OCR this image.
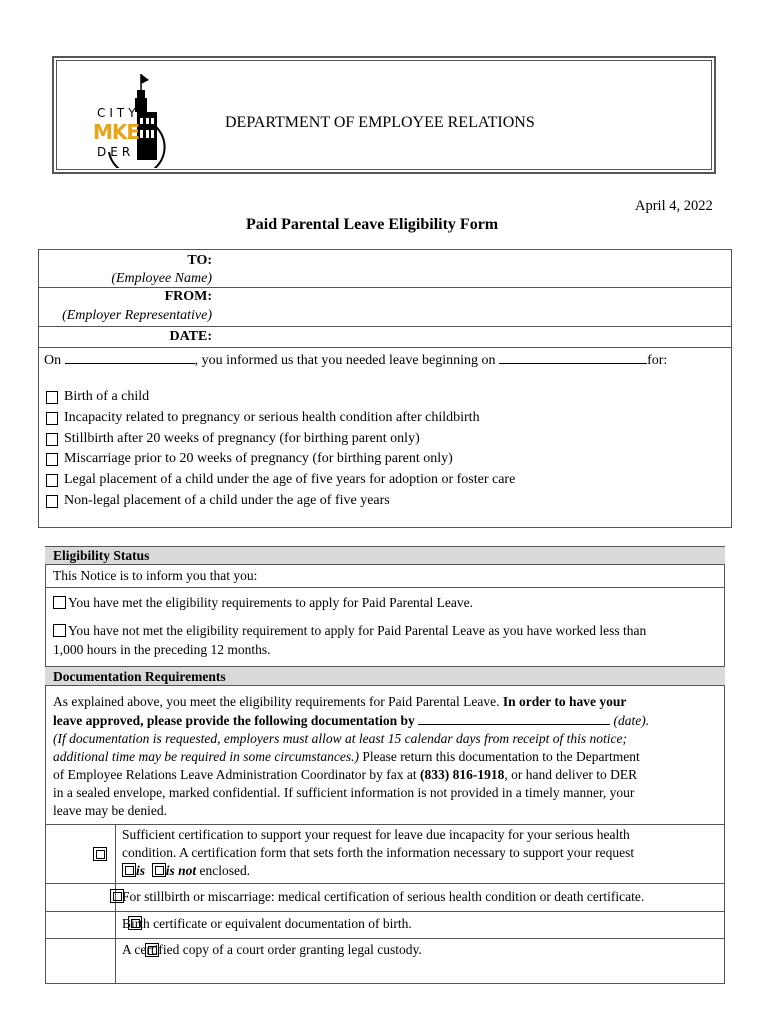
CITY
MKE
DER
DEPARTMENT OF EMPLOYEE RELATIONS
April 4, 2022
Paid Parental Leave Eligibility Form
TO:
(Employee Name)
FROM:
(Employer Representative)
DATE:
On	, you informed us that you needed leave beginning on	for:
Birth of a child
Incapacity related to pregnancy or serious health condition after childbirth
Stillbirth after 20 weeks of pregnancy (for birthing parent only)
Miscarriage prior to 20 weeks of pregnancy (for birthing parent only)
Legal placement of a child under the age of five years for adoption or foster care
Non-legal placement of a child under the age of five years
Eligibility Status
This Notice is to inform you that you:
You have met the eligibility requirements to apply for Paid Parental Leave.
You have not met the eligibility requirement to apply for Paid Parental Leave as you have worked less than
1,000 hours in the preceding 12 months.
Documentation Requirements
As explained above, you meet the eligibility requirements for Paid Parental Leave. In order to have your
leave approved, please provide the following documentation by	(date).
(If documentation is requested, employers must allow at least 15 calendar days from receipt of this notice;
additional time may be required in some circumstances.) Please return this documentation to the Department
of Employee Relations Leave Administration Coordinator by fax at (833) 816-1918, or hand deliver to DER
in a sealed envelope, marked confidential. If sufficient information is not provided in a timely manner, your
leave may be denied.

Sufficient certification to support your request for leave due incapacity for your serious health
condition. A certification form that sets forth the information necessary to support your request
is is not enclosed.

For stillbirth or miscarriage: medical certification of serious health condition or death certificate.

Birth certificate or equivalent documentation of birth.
A certified copy of a court order granting legal custody.
